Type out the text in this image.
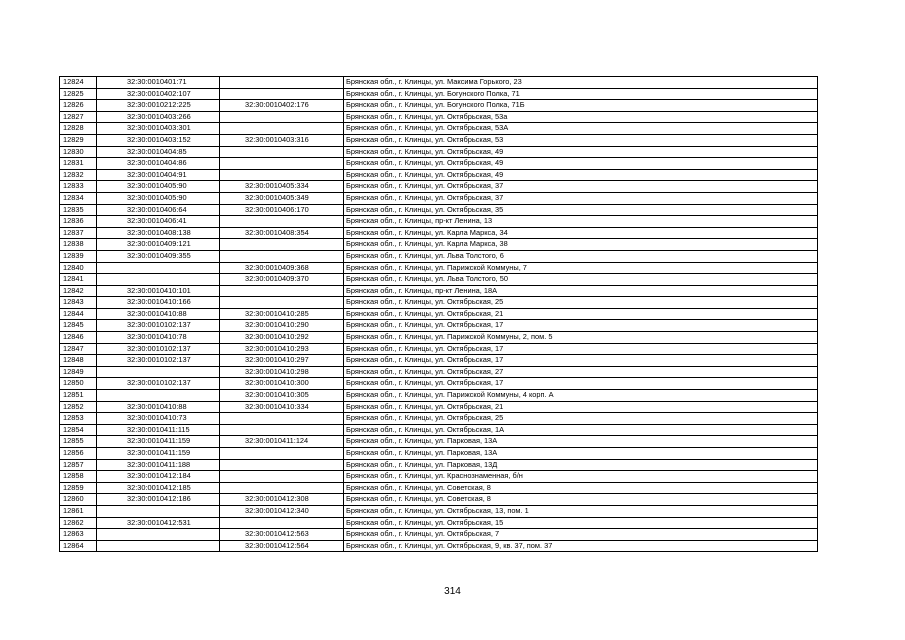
12824	32:30:0010401:71		Брянская обл., г. Клинцы, ул. Максима Горького, 23
12825	32:30:0010402:107		Брянская обл., г. Клинцы, ул. Богунского Полка, 71
12826	32:30:0010212:225	32:30:0010402:176	Брянская обл., г. Клинцы, ул. Богунского Полка, 71Б
12827	32:30:0010403:266		Брянская обл., г. Клинцы, ул. Октябрьская, 53а
12828	32:30:0010403:301		Брянская обл., г. Клинцы, ул. Октябрьская, 53А
12829	32:30:0010403:152	32:30:0010403:316	Брянская обл., г. Клинцы, ул. Октябрьская, 53
12830	32:30:0010404:85		Брянская обл., г. Клинцы, ул. Октябрьская, 49
12831	32:30:0010404:86		Брянская обл., г. Клинцы, ул. Октябрьская, 49
12832	32:30:0010404:91		Брянская обл., г. Клинцы, ул. Октябрьская, 49
12833	32:30:0010405:90	32:30:0010405:334	Брянская обл., г. Клинцы, ул. Октябрьская, 37
12834	32:30:0010405:90	32:30:0010405:349	Брянская обл., г. Клинцы, ул. Октябрьская, 37
12835	32:30:0010406:64	32:30:0010406:170	Брянская обл., г. Клинцы, ул. Октябрьская, 35
12836	32:30:0010406:41		Брянская обл., г. Клинцы, пр-кт Ленина, 13
12837	32:30:0010408:138	32:30:0010408:354	Брянская обл., г. Клинцы, ул. Карла Маркса, 34
12838	32:30:0010409:121		Брянская обл., г. Клинцы, ул. Карла Маркса, 38
12839	32:30:0010409:355		Брянская обл., г. Клинцы, ул. Льва Толстого, 6
12840		32:30:0010409:368	Брянская обл., г. Клинцы, ул. Парижской Коммуны, 7
12841		32:30:0010409:370	Брянская обл., г. Клинцы, ул. Льва Толстого, 50
12842	32:30:0010410:101		Брянская обл., г. Клинцы, пр-кт Ленина, 18А
12843	32:30:0010410:166		Брянская обл., г. Клинцы, ул. Октябрьская, 25
12844	32:30:0010410:88	32:30:0010410:285	Брянская обл., г. Клинцы, ул. Октябрьская, 21
12845	32:30:0010102:137	32:30:0010410:290	Брянская обл., г. Клинцы, ул. Октябрьская, 17
12846	32:30:0010410:78	32:30:0010410:292	Брянская обл., г. Клинцы, ул. Парижской Коммуны, 2, пом. 5
12847	32:30:0010102:137	32:30:0010410:293	Брянская обл., г. Клинцы, ул. Октябрьская, 17
12848	32:30:0010102:137	32:30:0010410:297	Брянская обл., г. Клинцы, ул. Октябрьская, 17
12849		32:30:0010410:298	Брянская обл., г. Клинцы, ул. Октябрьская, 27
12850	32:30:0010102:137	32:30:0010410:300	Брянская обл., г. Клинцы, ул. Октябрьская, 17
12851		32:30:0010410:305	Брянская обл., г. Клинцы, ул. Парижской Коммуны, 4 корп. А
12852	32:30:0010410:88	32:30:0010410:334	Брянская обл., г. Клинцы, ул. Октябрьская, 21
12853	32:30:0010410:73		Брянская обл., г. Клинцы, ул. Октябрьская, 25
12854	32:30:0010411:115		Брянская обл., г. Клинцы, ул. Октябрьская, 1А
12855	32:30:0010411:159	32:30:0010411:124	Брянская обл., г. Клинцы, ул. Парковая, 13А
12856	32:30:0010411:159		Брянская обл., г. Клинцы, ул. Парковая, 13А
12857	32:30:0010411:188		Брянская обл., г. Клинцы, ул. Парковая, 13Д
12858	32:30:0010412:184		Брянская обл., г. Клинцы, ул. Краснознаменная, б/н
12859	32:30:0010412:185		Брянская обл., г. Клинцы, ул. Советская, 8
12860	32:30:0010412:186	32:30:0010412:308	Брянская обл., г. Клинцы, ул. Советская, 8
12861		32:30:0010412:340	Брянская обл., г. Клинцы, ул. Октябрьская, 13, пом. 1
12862	32:30:0010412:531		Брянская обл., г. Клинцы, ул. Октябрьская, 15
12863		32:30:0010412:563	Брянская обл., г. Клинцы, ул. Октябрьская, 7
12864		32:30:0010412:564	Брянская обл., г. Клинцы, ул. Октябрьская, 9, кв. 37, пом. 37
314
